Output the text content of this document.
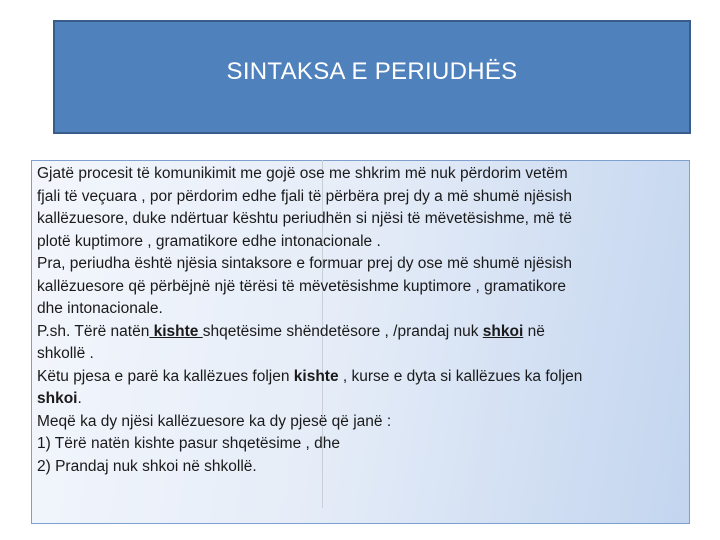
SINTAKSA E PERIUDHËS
Gjatë procesit të komunikimit me gojë ose me shkrim më nuk përdorim vetëm
fjali të veçuara , por përdorim edhe fjali të përbëra prej dy a më shumë njësish
kallëzuesore, duke ndërtuar kështu periudhën si njësi të mëvetësishme, më të
plotë kuptimore , gramatikore edhe intonacionale .
Pra, periudha është njësia sintaksore e formuar prej dy ose më shumë njësish
kallëzuesore që përbëjnë një tërësi të mëvetësishme kuptimore , gramatikore
dhe intonacionale.
P.sh. Tërë natën kishte shqetësime shëndetësore , /prandaj nuk shkoi në
shkollë .
Këtu pjesa e parë ka kallëzues foljen kishte , kurse e dyta si kallëzues ka foljen
shkoi.
Meqë ka dy njësi kallëzuesore ka dy pjesë që janë :
1) Tërë natën kishte pasur shqetësime , dhe
2) Prandaj nuk shkoi në shkollë.
